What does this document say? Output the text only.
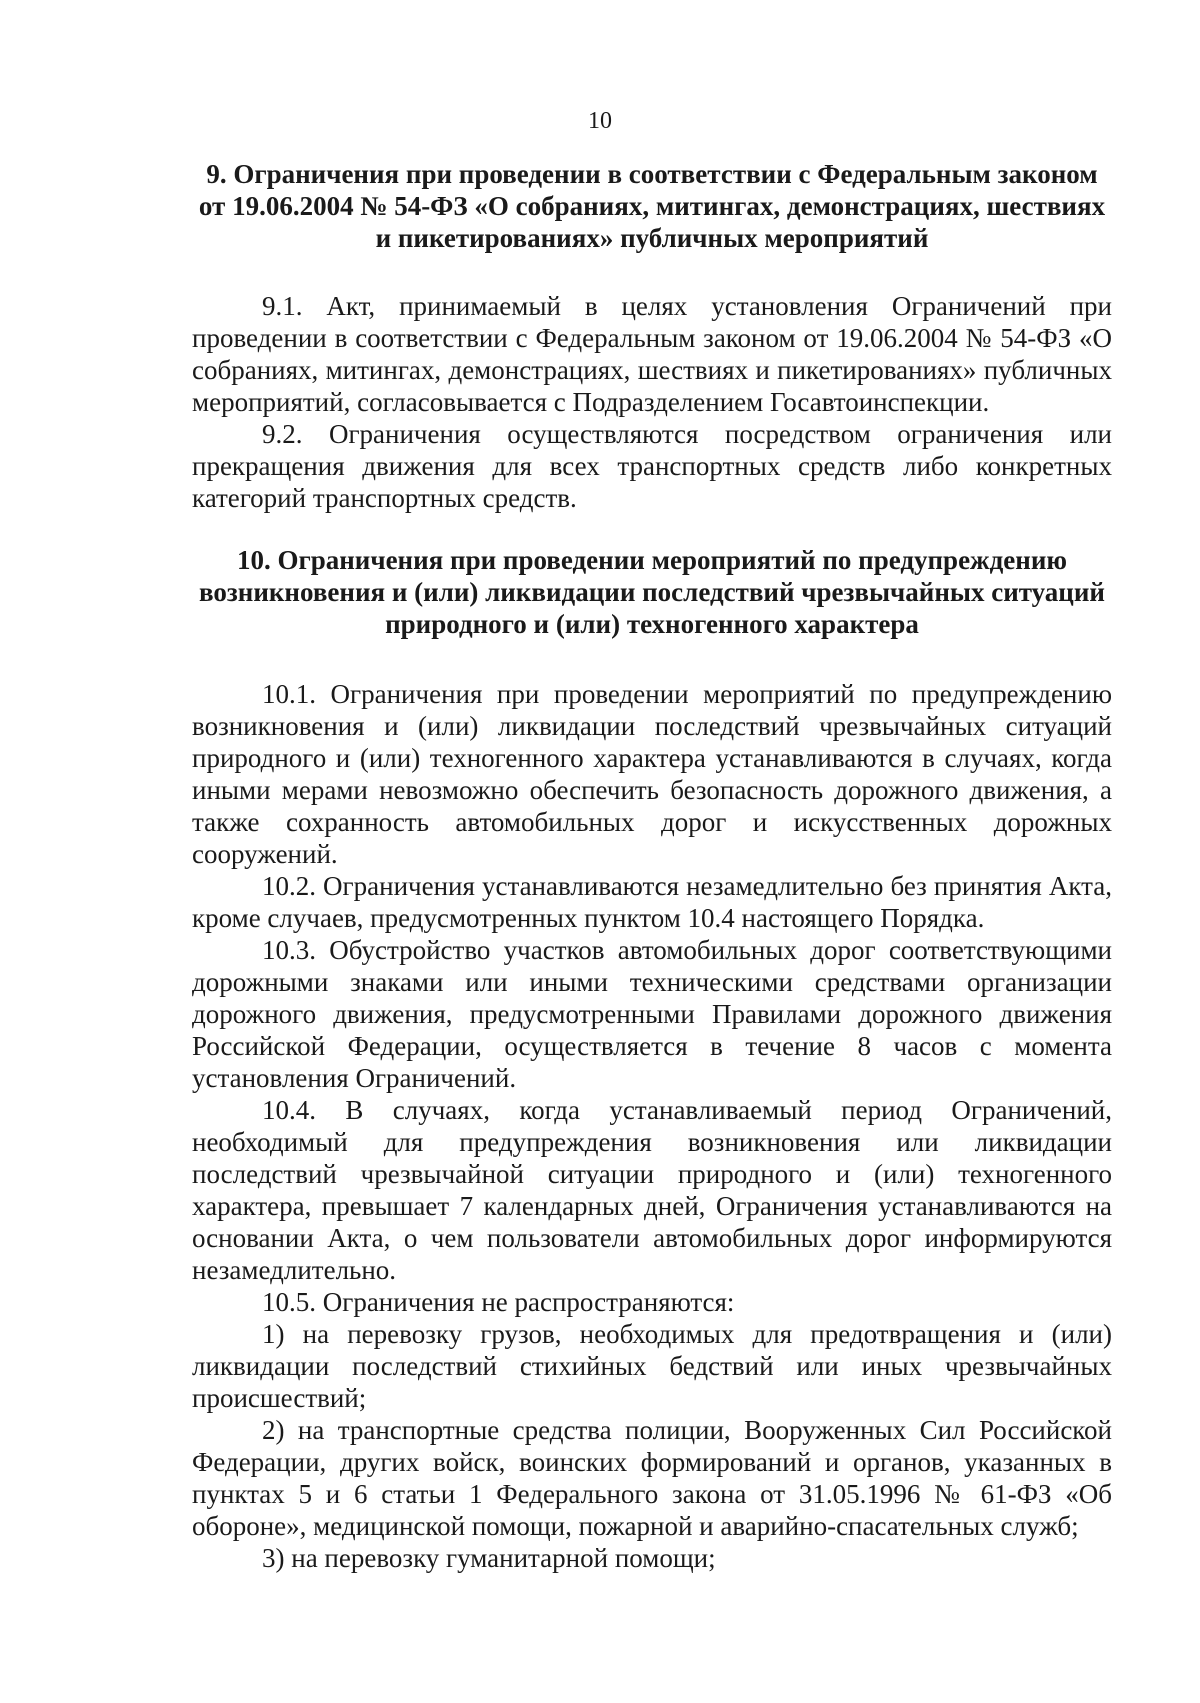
10
9. Ограничения при проведении в соответствии с Федеральным законом от 19.06.2004 № 54-ФЗ «О собраниях, митингах, демонстрациях, шествиях и пикетированиях» публичных мероприятий

9.1. Акт, принимаемый в целях установления Ограничений при проведении в соответствии с Федеральным законом от 19.06.2004 № 54-ФЗ «О собраниях, митингах, демонстрациях, шествиях и пикетированиях» публичных мероприятий, согласовывается с Подразделением Госавтоинспекции.

9.2. Ограничения осуществляются посредством ограничения или прекращения движения для всех транспортных средств либо конкретных категорий транспортных средств.

10. Ограничения при проведении мероприятий по предупреждению возникновения и (или) ликвидации последствий чрезвычайных ситуаций природного и (или) техногенного характера

10.1. Ограничения при проведении мероприятий по предупреждению возникновения и (или) ликвидации последствий чрезвычайных ситуаций природного и (или) техногенного характера устанавливаются в случаях, когда иными мерами невозможно обеспечить безопасность дорожного движения, а также сохранность автомобильных дорог и искусственных дорожных сооружений.

10.2. Ограничения устанавливаются незамедлительно без принятия Акта, кроме случаев, предусмотренных пунктом 10.4 настоящего Порядка.

10.3. Обустройство участков автомобильных дорог соответствующими дорожными знаками или иными техническими средствами организации дорожного движения, предусмотренными Правилами дорожного движения Российской Федерации, осуществляется в течение 8 часов с момента установления Ограничений.

10.4. В случаях, когда устанавливаемый период Ограничений, необходимый для предупреждения возникновения или ликвидации последствий чрезвычайной ситуации природного и (или) техногенного характера, превышает 7 календарных дней, Ограничения устанавливаются на основании Акта, о чем пользователи автомобильных дорог информируются незамедлительно.

10.5. Ограничения не распространяются:

1) на перевозку грузов, необходимых для предотвращения и (или) ликвидации последствий стихийных бедствий или иных чрезвычайных происшествий;

2) на транспортные средства полиции, Вооруженных Сил Российской Федерации, других войск, воинских формирований и органов, указанных в пунктах 5 и 6 статьи 1 Федерального закона от 31.05.1996 № 61-ФЗ «Об обороне», медицинской помощи, пожарной и аварийно-спасательных служб;

3) на перевозку гуманитарной помощи;
